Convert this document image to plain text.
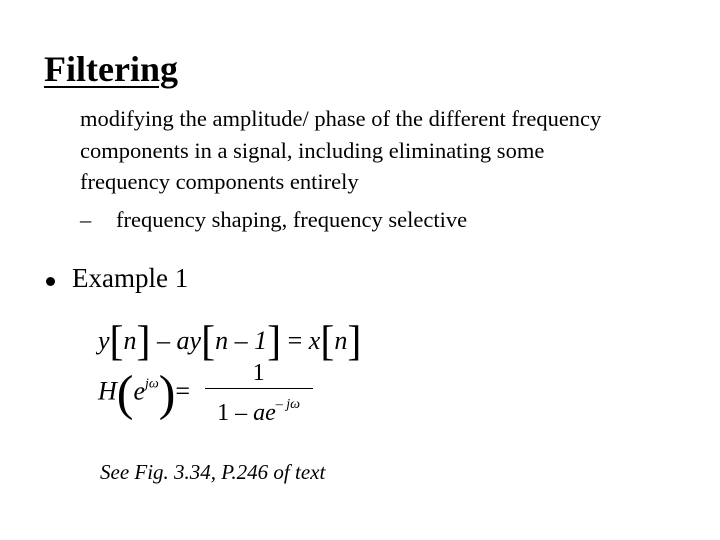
Filtering
modifying the amplitude/ phase of the different frequency
components in a signal, including eliminating some
frequency components entirely
– frequency shaping, frequency selective
Example 1
y[n] – ay[n – 1] = x[n]
$H(e^{j\omega})= \frac{1}{1 - ae^{- j\omega}}$
See Fig. 3.34, P.246 of text
